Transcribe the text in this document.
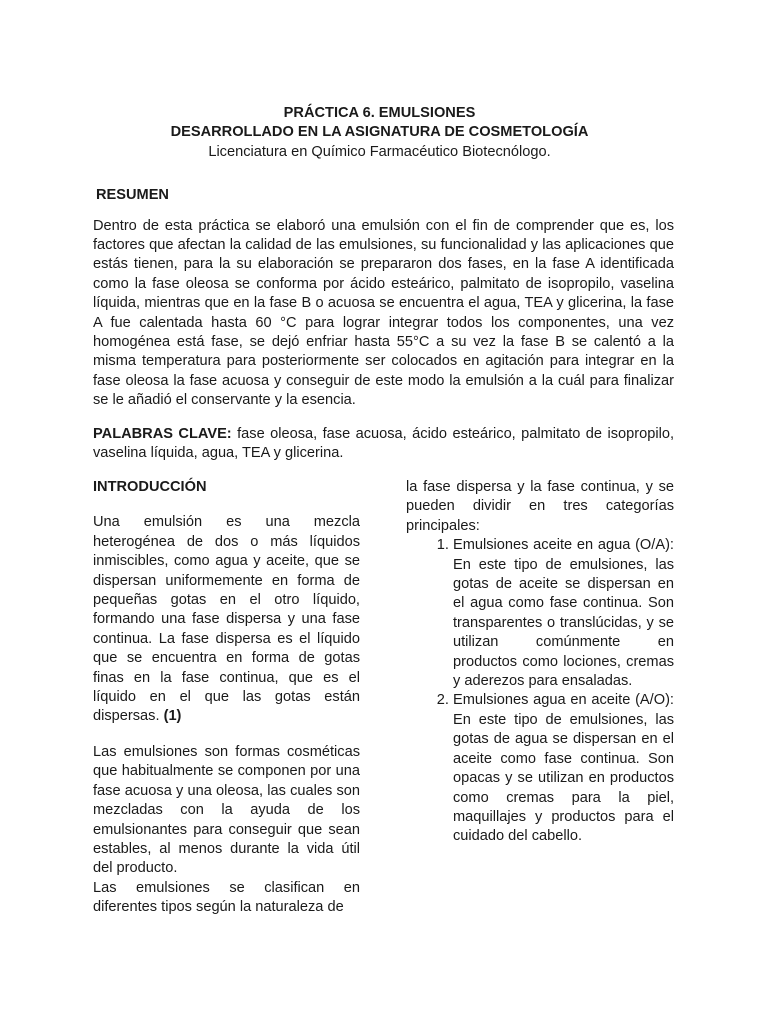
PRÁCTICA 6. EMULSIONES
DESARROLLADO EN LA ASIGNATURA DE COSMETOLOGÍA
Licenciatura en Químico Farmacéutico Biotecnólogo.
RESUMEN

Dentro de esta práctica se elaboró una emulsión con el fin de comprender que es, los factores que afectan la calidad de las emulsiones, su funcionalidad y las aplicaciones que estás tienen, para la su elaboración se prepararon dos fases, en la fase A identificada como la fase oleosa se conforma por ácido esteárico, palmitato de isopropilo, vaselina líquida, mientras que en la fase B o acuosa se encuentra el agua, TEA y glicerina, la fase A fue calentada hasta 60 °C para lograr integrar todos los componentes, una vez homogénea está fase, se dejó enfriar hasta 55°C a su vez la fase B se calentó a la misma temperatura para posteriormente ser colocados en agitación para integrar en la fase oleosa la fase acuosa y conseguir de este modo la emulsión a la cuál para finalizar se le añadió el conservante y la esencia.

PALABRAS CLAVE: fase oleosa, fase acuosa, ácido esteárico, palmitato de isopropilo, vaselina líquida, agua, TEA y glicerina.
INTRODUCCIÓN

Una emulsión es una mezcla heterogénea de dos o más líquidos inmiscibles, como agua y aceite, que se dispersan uniformemente en forma de pequeñas gotas en el otro líquido, formando una fase dispersa y una fase continua. La fase dispersa es el líquido que se encuentra en forma de gotas finas en la fase continua, que es el líquido en el que las gotas están dispersas. (1)

Las emulsiones son formas cosméticas que habitualmente se componen por una fase acuosa y una oleosa, las cuales son mezcladas con la ayuda de los emulsionantes para conseguir que sean estables, al menos durante la vida útil del producto.

Las emulsiones se clasifican en diferentes tipos según la naturaleza de

la fase dispersa y la fase continua, y se pueden dividir en tres categorías principales:

1. Emulsiones aceite en agua (O/A): En este tipo de emulsiones, las gotas de aceite se dispersan en el agua como fase continua. Son transparentes o translúcidas, y se utilizan comúnmente en productos como lociones, cremas y aderezos para ensaladas.
2. Emulsiones agua en aceite (A/O): En este tipo de emulsiones, las gotas de agua se dispersan en el aceite como fase continua. Son opacas y se utilizan en productos como cremas para la piel, maquillajes y productos para el cuidado del cabello.
